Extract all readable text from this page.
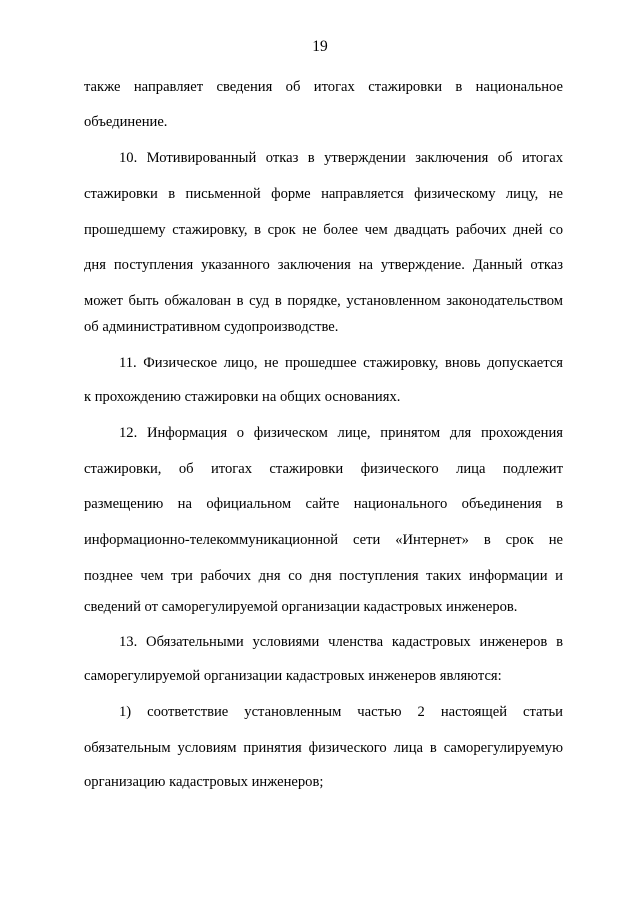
19
также направляет сведения об итогах стажировки в национальное
объединение.
10. Мотивированный отказ в утверждении заключения об итогах
стажировки в письменной форме направляется физическому лицу, не
прошедшему стажировку, в срок не более чем двадцать рабочих дней со
дня поступления указанного заключения на утверждение. Данный отказ
может быть обжалован в суд в порядке, установленном законодательством
об административном судопроизводстве.
11. Физическое лицо, не прошедшее стажировку, вновь допускается
к прохождению стажировки на общих основаниях.
12. Информация о физическом лице, принятом для прохождения
стажировки, об итогах стажировки физического лица подлежит
размещению на официальном сайте национального объединения в
информационно-телекоммуникационной сети «Интернет» в срок не
позднее чем три рабочих дня со дня поступления таких информации и
сведений от саморегулируемой организации кадастровых инженеров.
13. Обязательными условиями членства кадастровых инженеров в
саморегулируемой организации кадастровых инженеров являются:
1) соответствие установленным частью 2 настоящей статьи
обязательным условиям принятия физического лица в саморегулируемую
организацию кадастровых инженеров;
